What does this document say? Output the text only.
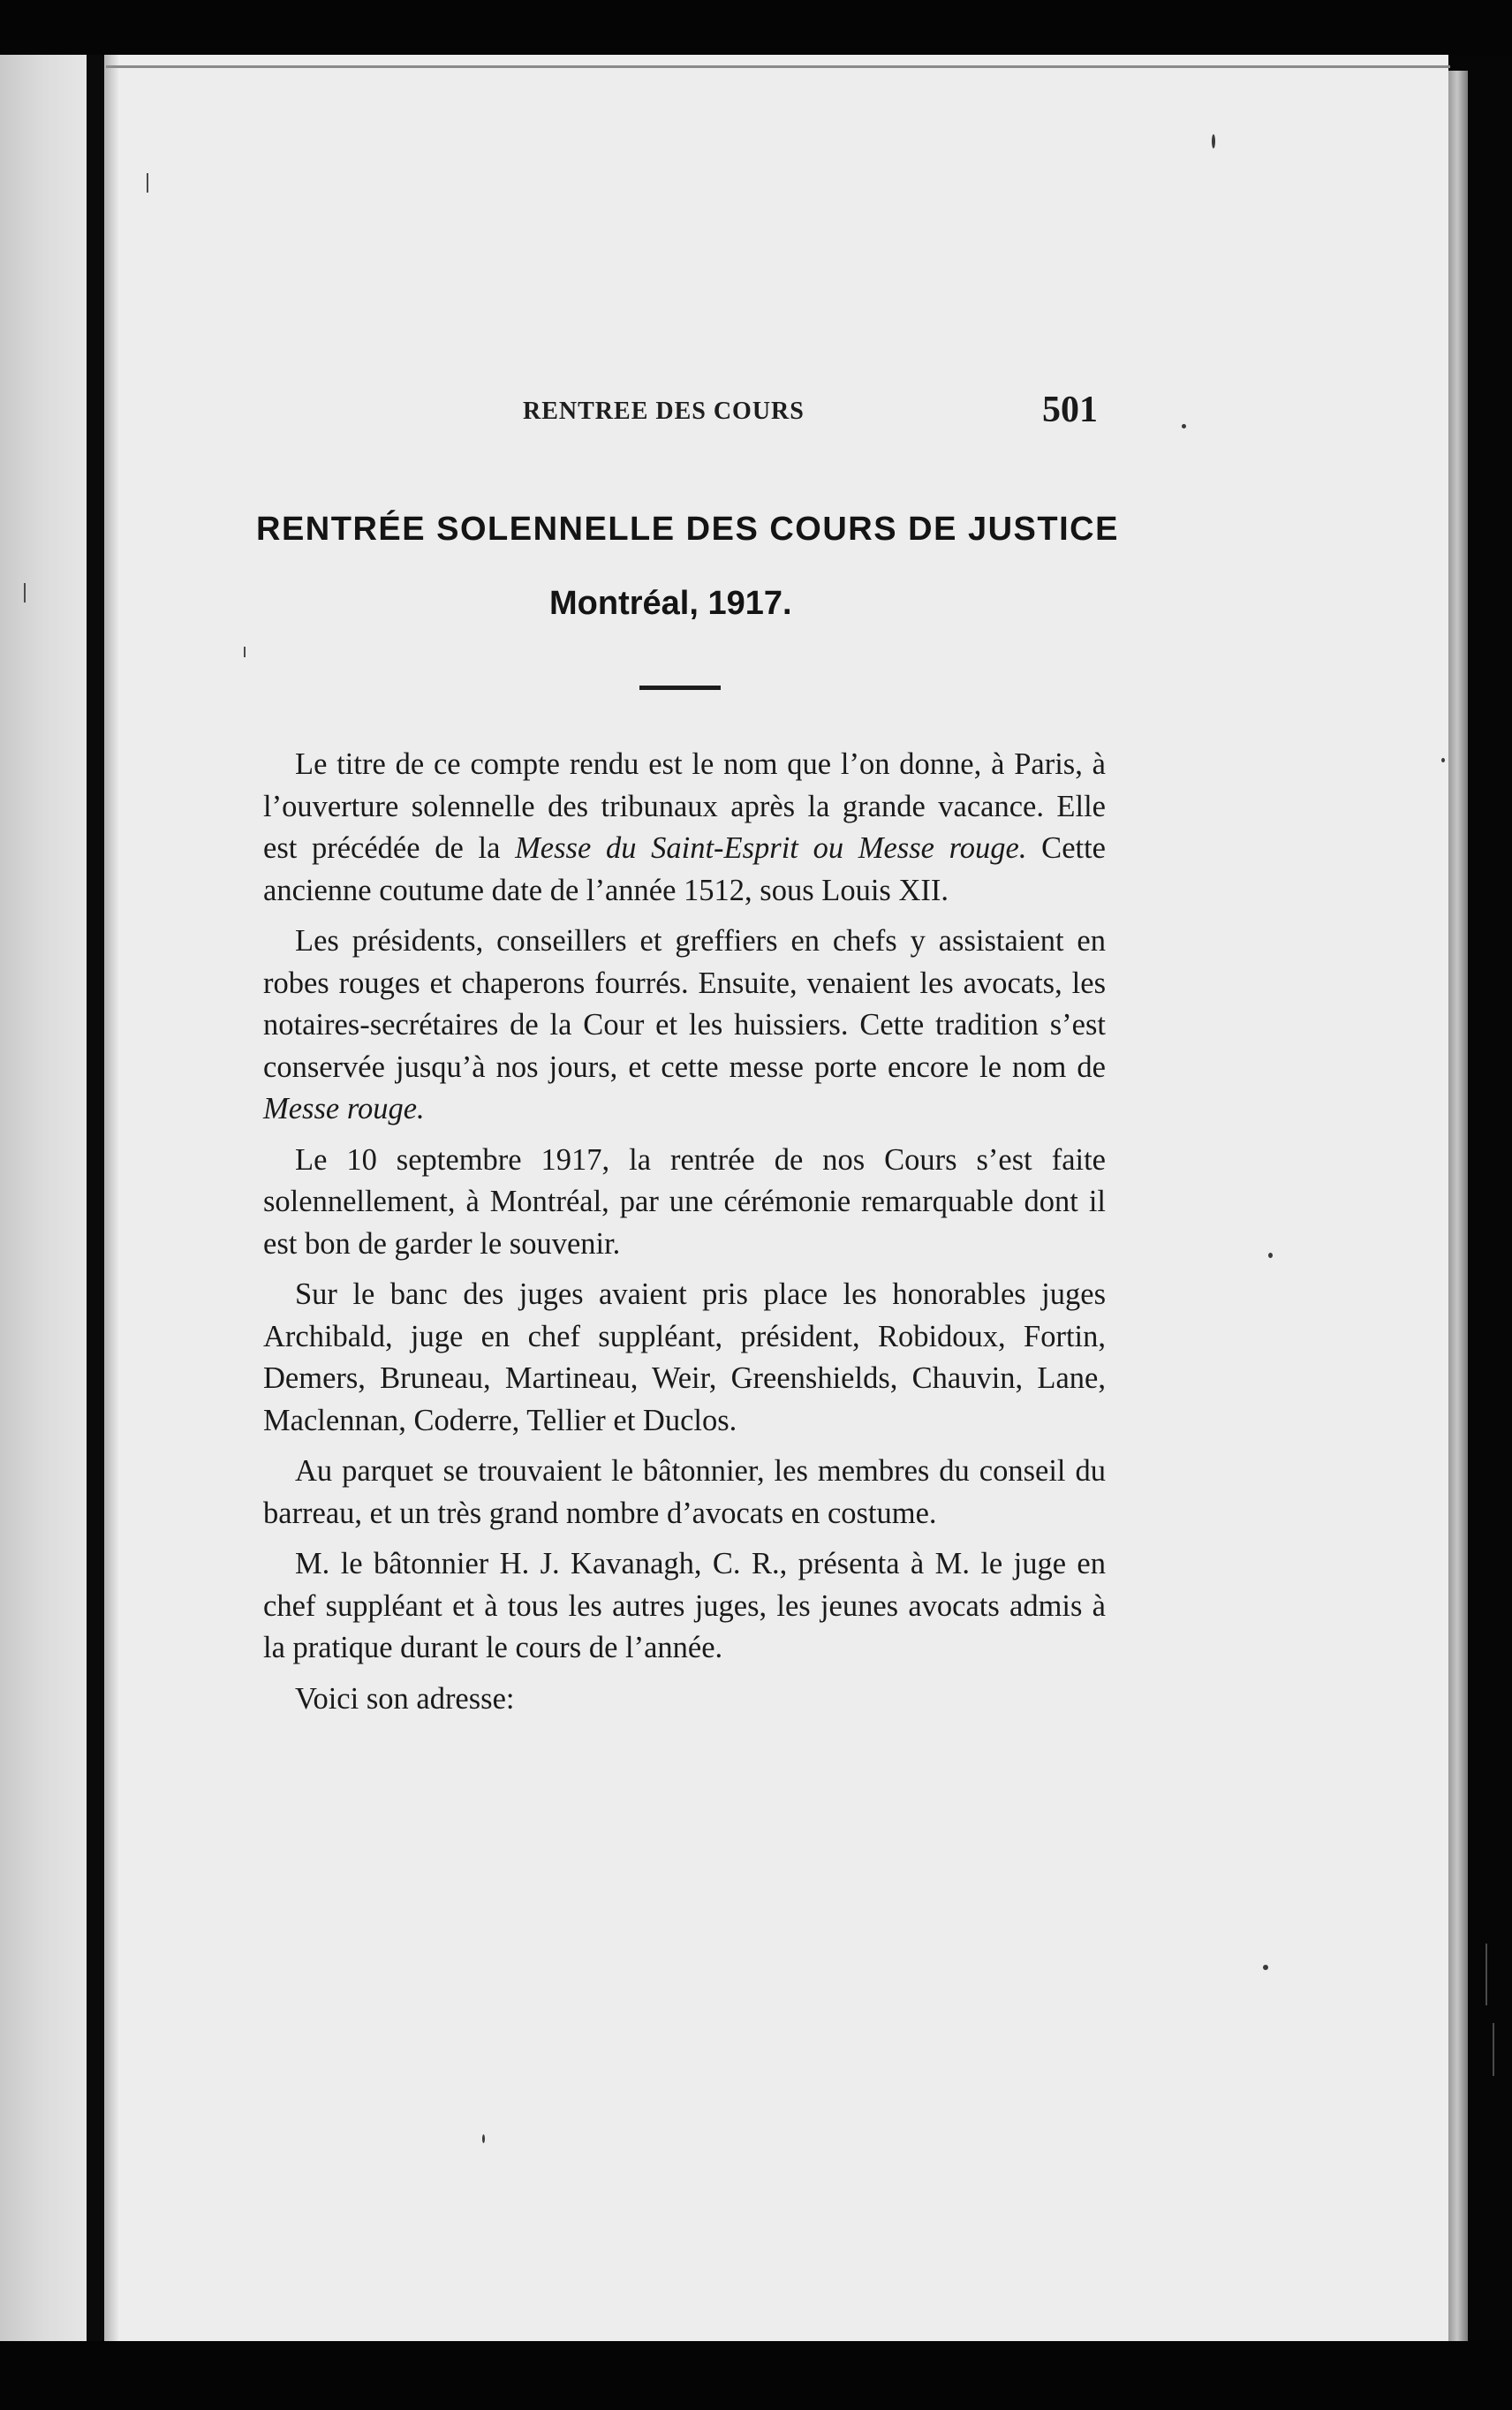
RENTREE DES COURS	501
RENTRÉE SOLENNELLE DES COURS DE JUSTICE
Montréal, 1917.

Le titre de ce compte rendu est le nom que l’on donne, à Paris, à l’ouverture solennelle des tribunaux après la grande vacance. Elle est précédée de la Messe du Saint-Esprit ou Messe rouge. Cette ancienne coutume date de l’année 1512, sous Louis XII.

Les présidents, conseillers et greffiers en chefs y assistaient en robes rouges et chaperons fourrés. Ensuite, venaient les avocats, les notaires-secrétaires de la Cour et les huissiers. Cette tradition s’est conservée jusqu’à nos jours, et cette messe porte encore le nom de Messe rouge.

Le 10 septembre 1917, la rentrée de nos Cours s’est faite solennellement, à Montréal, par une cérémonie remarquable dont il est bon de garder le souvenir.

Sur le banc des juges avaient pris place les honorables juges Archibald, juge en chef suppléant, président, Robidoux, Fortin, Demers, Bruneau, Martineau, Weir, Greenshields, Chauvin, Lane, Maclennan, Coderre, Tellier et Duclos.

Au parquet se trouvaient le bâtonnier, les membres du conseil du barreau, et un très grand nombre d’avocats en costume.

M. le bâtonnier H. J. Kavanagh, C. R., présenta à M. le juge en chef suppléant et à tous les autres juges, les jeunes avocats admis à la pratique durant le cours de l’année.

Voici son adresse:
